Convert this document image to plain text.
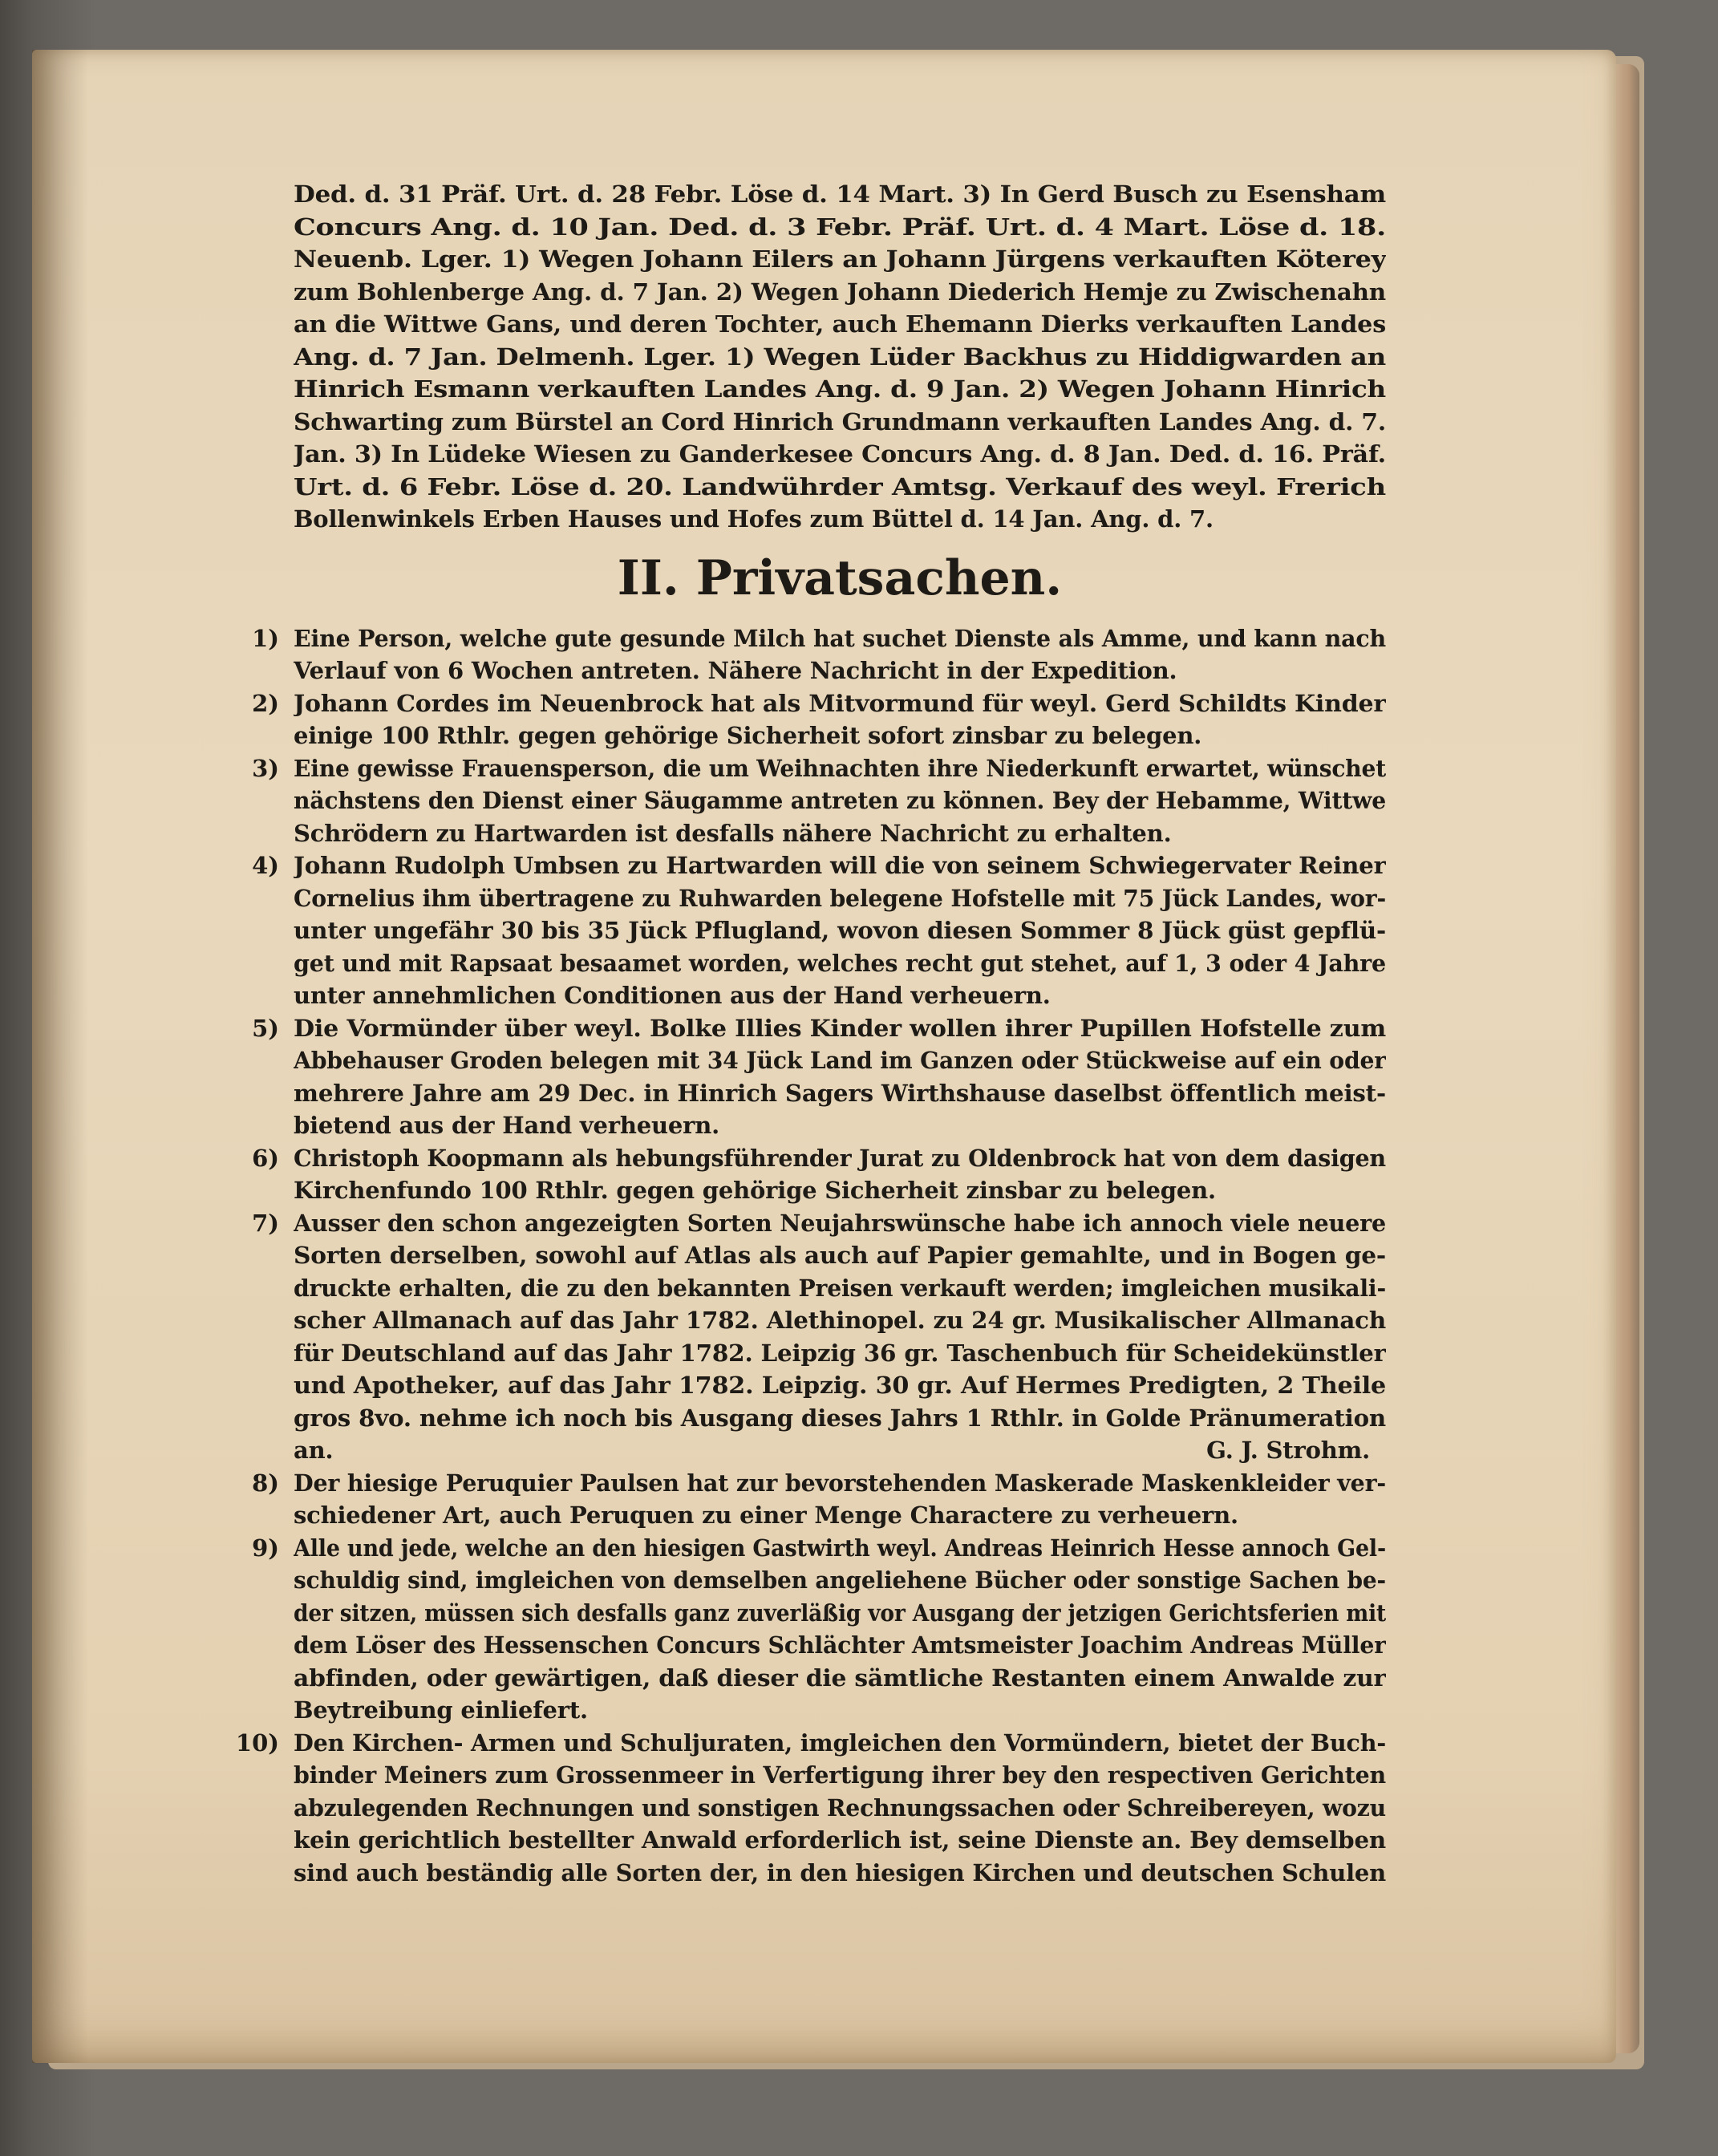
Ded. d. 31 Präf. Urt. d. 28 Febr. Löse d. 14 Mart. 3) In Gerd Busch zu Esensham
Concurs Ang. d. 10 Jan. Ded. d. 3 Febr. Präf. Urt. d. 4 Mart. Löse d. 18.
Neuenb. Lger. 1) Wegen Johann Eilers an Johann Jürgens verkauften Köterey
zum Bohlenberge Ang. d. 7 Jan. 2) Wegen Johann Diederich Hemje zu Zwischenahn
an die Wittwe Gans, und deren Tochter, auch Ehemann Dierks verkauften Landes
Ang. d. 7 Jan. Delmenh. Lger. 1) Wegen Lüder Backhus zu Hiddigwarden an
Hinrich Esmann verkauften Landes Ang. d. 9 Jan. 2) Wegen Johann Hinrich
Schwarting zum Bürstel an Cord Hinrich Grundmann verkauften Landes Ang. d. 7.
Jan. 3) In Lüdeke Wiesen zu Ganderkesee Concurs Ang. d. 8 Jan. Ded. d. 16. Präf.
Urt. d. 6 Febr. Löse d. 20. Landwührder Amtsg. Verkauf des weyl. Frerich
Bollenwinkels Erben Hauses und Hofes zum Büttel d. 14 Jan. Ang. d. 7.
II. Privatsachen.
1) Eine Person, welche gute gesunde Milch hat suchet Dienste als Amme, und kann nach
Verlauf von 6 Wochen antreten. Nähere Nachricht in der Expedition.
2) Johann Cordes im Neuenbrock hat als Mitvormund für weyl. Gerd Schildts Kinder
einige 100 Rthlr. gegen gehörige Sicherheit sofort zinsbar zu belegen.
3) Eine gewisse Frauensperson, die um Weihnachten ihre Niederkunft erwartet, wünschet
nächstens den Dienst einer Säugamme antreten zu können. Bey der Hebamme, Wittwe
Schrödern zu Hartwarden ist desfalls nähere Nachricht zu erhalten.
4) Johann Rudolph Umbsen zu Hartwarden will die von seinem Schwiegervater Reiner
Cornelius ihm übertragene zu Ruhwarden belegene Hofstelle mit 75 Jück Landes, wor-
unter ungefähr 30 bis 35 Jück Pflugland, wovon diesen Sommer 8 Jück güst gepflü-
get und mit Rapsaat besaamet worden, welches recht gut stehet, auf 1, 3 oder 4 Jahre
unter annehmlichen Conditionen aus der Hand verheuern.
5) Die Vormünder über weyl. Bolke Illies Kinder wollen ihrer Pupillen Hofstelle zum
Abbehauser Groden belegen mit 34 Jück Land im Ganzen oder Stückweise auf ein oder
mehrere Jahre am 29 Dec. in Hinrich Sagers Wirthshause daselbst öffentlich meist-
bietend aus der Hand verheuern.
6) Christoph Koopmann als hebungsführender Jurat zu Oldenbrock hat von dem dasigen
Kirchenfundo 100 Rthlr. gegen gehörige Sicherheit zinsbar zu belegen.
7) Ausser den schon angezeigten Sorten Neujahrswünsche habe ich annoch viele neuere
Sorten derselben, sowohl auf Atlas als auch auf Papier gemahlte, und in Bogen ge-
druckte erhalten, die zu den bekannten Preisen verkauft werden; imgleichen musikali-
scher Allmanach auf das Jahr 1782. Alethinopel. zu 24 gr. Musikalischer Allmanach
für Deutschland auf das Jahr 1782. Leipzig 36 gr. Taschenbuch für Scheidekünstler
und Apotheker, auf das Jahr 1782. Leipzig. 30 gr. Auf Hermes Predigten, 2 Theile
gros 8vo. nehme ich noch bis Ausgang dieses Jahrs 1 Rthlr. in Golde Pränumeration
an.	G. J. Strohm.
8) Der hiesige Peruquier Paulsen hat zur bevorstehenden Maskerade Maskenkleider ver-
schiedener Art, auch Peruquen zu einer Menge Charactere zu verheuern.
9) Alle und jede, welche an den hiesigen Gastwirth weyl. Andreas Heinrich Hesse annoch Gel-
schuldig sind, imgleichen von demselben angeliehene Bücher oder sonstige Sachen be-
der sitzen, müssen sich desfalls ganz zuverläßig vor Ausgang der jetzigen Gerichtsferien mit
dem Löser des Hessenschen Concurs Schlächter Amtsmeister Joachim Andreas Müller
abfinden, oder gewärtigen, daß dieser die sämtliche Restanten einem Anwalde zur
Beytreibung einliefert.
10) Den Kirchen- Armen und Schuljuraten, imgleichen den Vormündern, bietet der Buch-
binder Meiners zum Grossenmeer in Verfertigung ihrer bey den respectiven Gerichten
abzulegenden Rechnungen und sonstigen Rechnungssachen oder Schreibereyen, wozu
kein gerichtlich bestellter Anwald erforderlich ist, seine Dienste an. Bey demselben
sind auch beständig alle Sorten der, in den hiesigen Kirchen und deutschen Schulen
